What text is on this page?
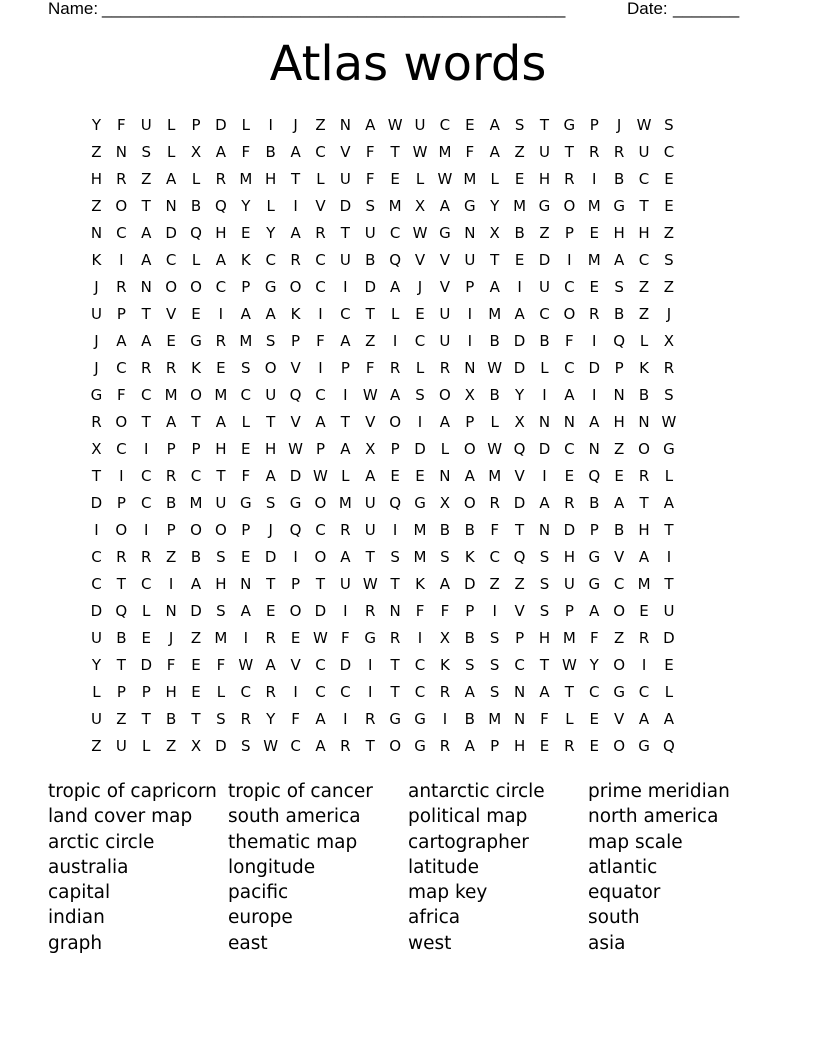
Name: _________________________________________________	Date: _______
Atlas words
Y	F	U	L	P D L	I	J	Z N A W U C E	A S	T G P	J	W S
Z N S	L	X A	F	B A C V	F	T W M F	A Z U T	R R U C
H R Z A	L	R M H T	L	U	F	E	L W M L	E H R	I	B C E
Z O T N B Q Y	L	I	V D S M X A G Y M G O M G T	E
N C A D Q H E	Y	A R	T U C W G N X B Z	P	E H H Z
K	I	A C	L	A K C R C U B Q V V U T	E D	I	M A C S
J	R N O O C	P G O C	I	D A	J	V	P	A	I	U C E	S Z Z
U P	T	V	E	I	A A K	I	C	T	L	E U	I	M A C O R B Z	J
J	A A	E G R M S	P	F	A Z	I	C U	I	B D B	F	I	Q L	X
J	C R R K	E	S O V	I	P	F	R	L	R N W D L	C D P	K R
G F	C M O M C U Q C	I	W A S O X B	Y	I	A	I	N B S
R O T	A	T	A	L	T	V A	T	V O	I	A	P	L	X N N A H N W
X C	I	P	P H E H W P	A X	P D L O W Q D C N Z O G
T	I	C R C	T	F	A D W L	A	E	E N A M V	I	E Q E R	L
D P	C B M U G S G O M U Q G X O R D A R B A	T	A
I	O	I	P O O P	J	Q C R U	I	M B B	F	T N D P	B H T
C R R Z B S	E D	I	O A	T	S M S	K C Q S H G V A	I
C	T	C	I	A H N T	P	T U W T	K A D Z Z S U G C M T
D Q L	N D S	A	E O D	I	R N F	F	P	I	V S	P	A O E U
U B	E	J	Z M	I	R E W F G R	I	X B S	P H M F	Z R D
Y	T D F	E	F W A V C D	I	T	C K	S	S C	T W Y O	I	E
L	P	P H E	L	C R	I	C C	I	T	C R A S N A	T	C G C	L
U Z	T	B	T	S R	Y	F	A	I	R G G	I	B M N F	L	E	V A A
Z U	L	Z X D S W C A R	T O G R A	P H E R E O G Q
tropic of capricorn
land cover map
arctic circle
australia
capital
indian
graph
tropic of cancer
south america
thematic map
longitude
pacific
europe
east
antarctic circle
political map
cartographer
latitude
map key
africa
west
prime meridian
north america
map scale
atlantic
equator
south
asia
